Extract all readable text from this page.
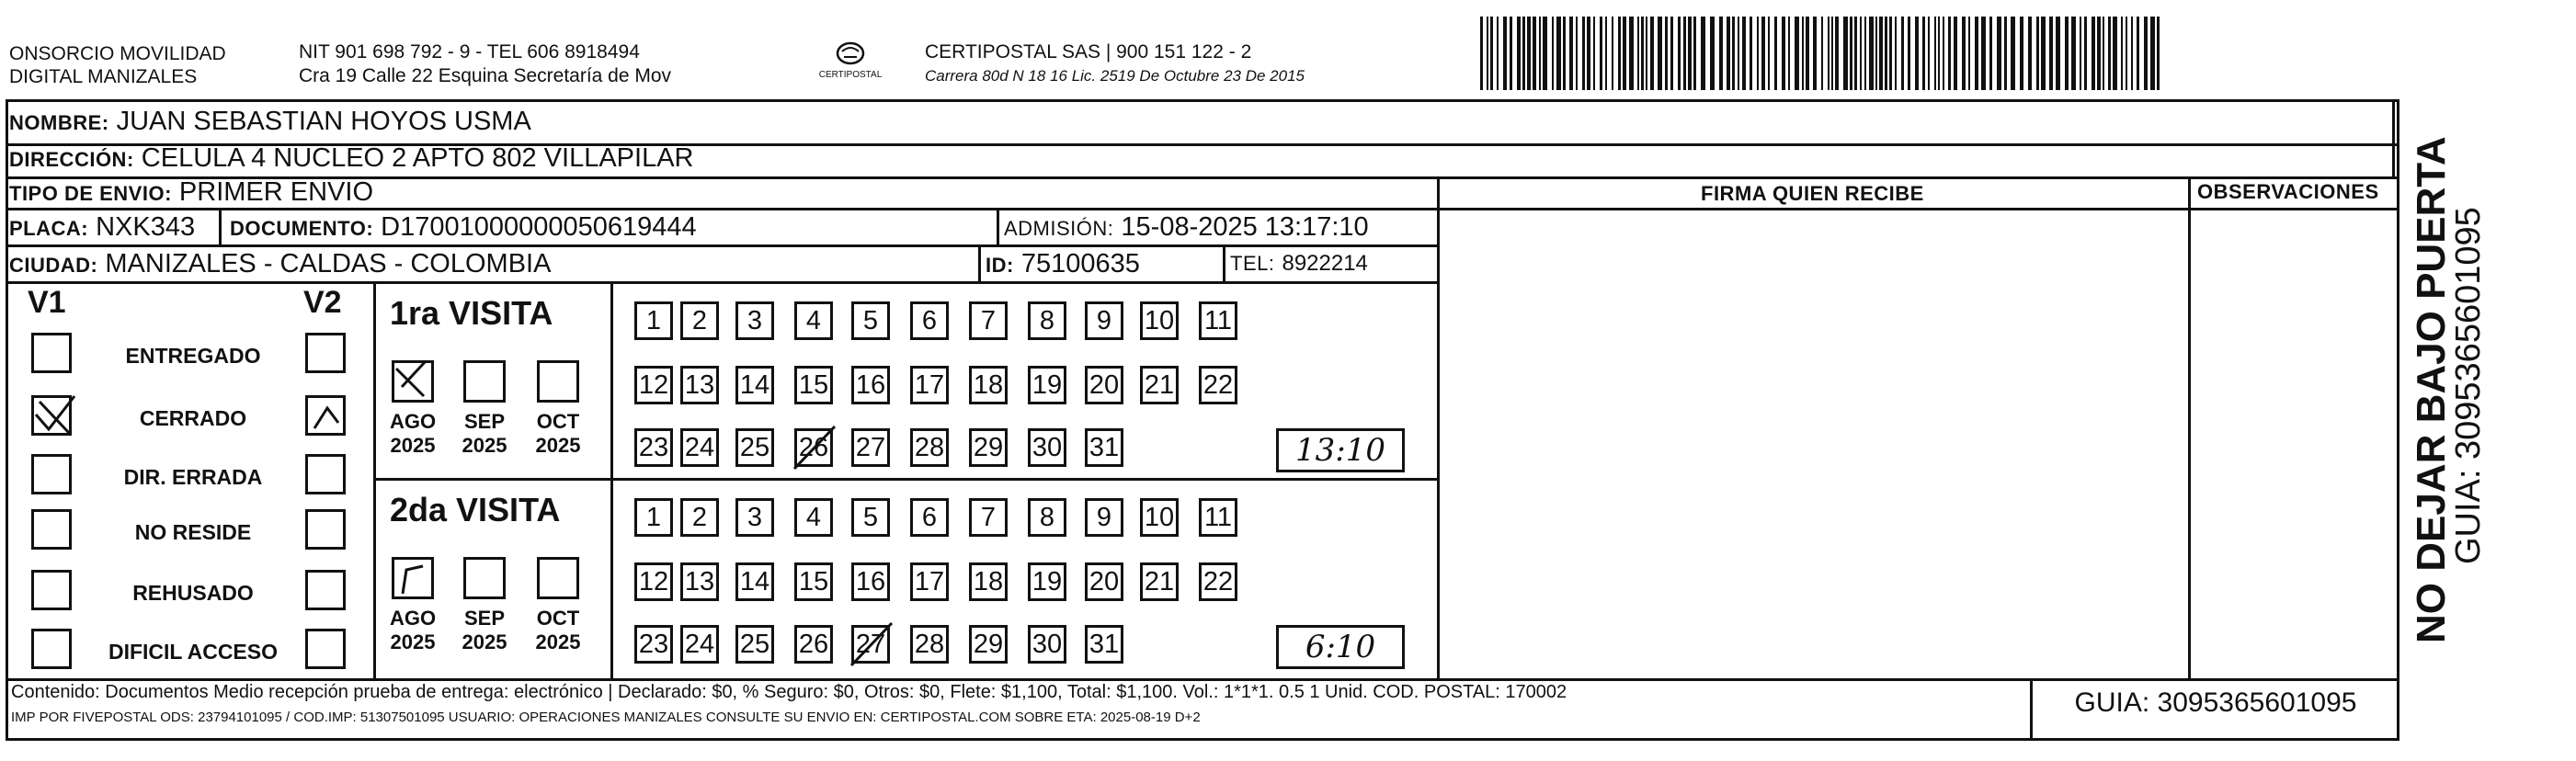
ONSORCIO MOVILIDAD
DIGITAL MANIZALES
NIT 901 698 792 - 9 - TEL 606 8918494
Cra 19 Calle 22 Esquina Secretaría de Mov	CERTIPOSTAL
CERTIPOSTAL SAS | 900 151 122 - 2
Carrera 80d N 18 16 Lic. 2519 De Octubre 23 De 2015
NOMBRE: JUAN SEBASTIAN HOYOS USMA
DIRECCIÓN: CELULA 4 NUCLEO 2 APTO 802 VILLAPILAR
TIPO DE ENVIO: PRIMER ENVIO	FIRMA QUIEN RECIBE	OBSERVACIONES
PLACA: NXK343 DOCUMENTO: D17001000000050619444	ADMISIÓN: 15-08-2025 13:17:10
CIUDAD: MANIZALES - CALDAS - COLOMBIA	ID: 75100635	TEL: 8922214
V1	V2
ENTREGADO
CERRADO
DIR. ERRADA
NO RESIDE
REHUSADO
DIFICIL ACCESO
1ra VISITA
AGO
2025
SEP
2025
OCT
2025
1	2	3	4	5	6	7	8	9	10 11
12 13 14 15 16 17 18 19 20 21 22
23 24 25 26 27 28 29 30 31	13:10
2da VISITA
AGO
2025
SEP
2025
OCT
2025
1	2	3	4	5	6	7	8	9	10 11
12 13 14 15 16 17 18 19 20 21 22
23 24 25 26 27 28 29 30 31	6:10
Contenido: Documentos Medio recepción prueba de entrega: electrónico | Declarado: $0, % Seguro: $0, Otros: $0, Flete: $1,100, Total: $1,100. Vol.: 1*1*1. 0.5 1 Unid. COD. POSTAL: 170002
IMP POR FIVEPOSTAL ODS: 23794101095 / COD.IMP: 51307501095 USUARIO: OPERACIONES MANIZALES CONSULTE SU ENVIO EN: CERTIPOSTAL.COM SOBRE ETA: 2025-08-19 D+2	GUIA: 3095365601095
NO DEJAR BAJO PUERTA
GUIA: 3095365601095
